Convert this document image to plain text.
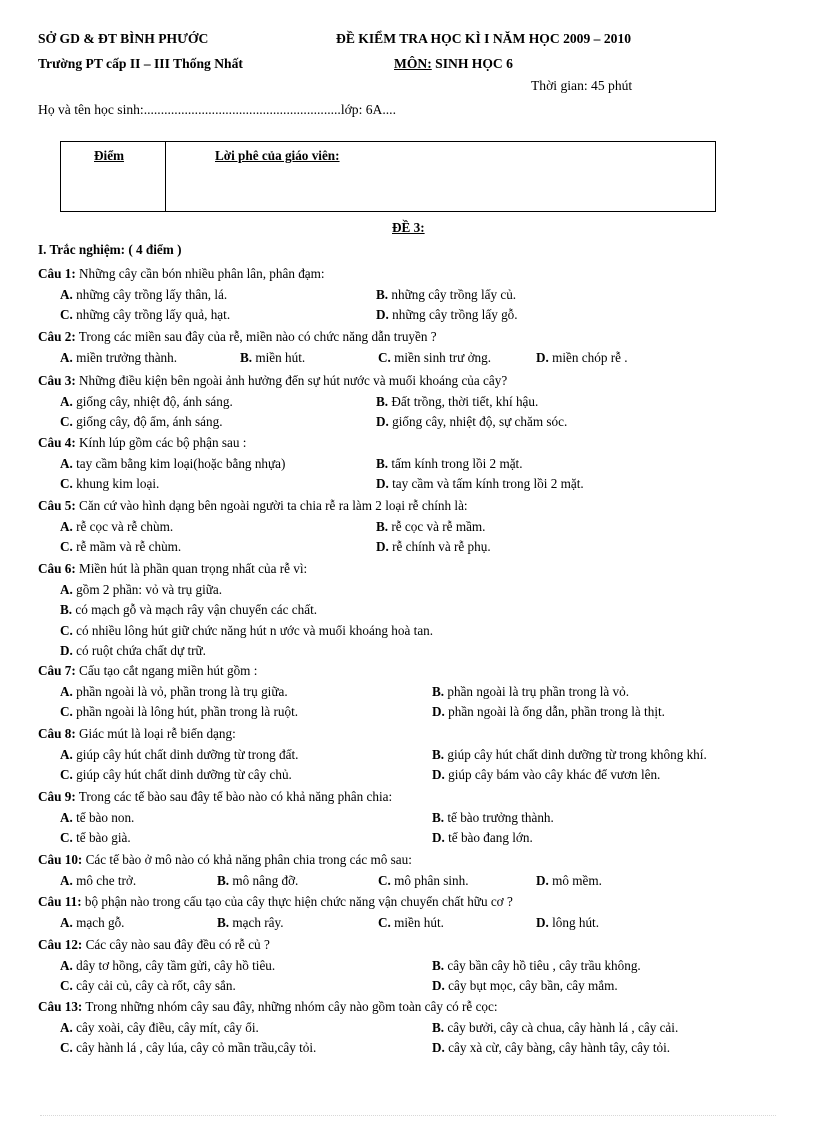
SỞ GD & ĐT BÌNH PHƯỚC	ĐỀ KIỂM TRA HỌC KÌ I NĂM HỌC 2009 – 2010
Trường PT cấp II – III Thống Nhất	MÔN: SINH HỌC 6
Thời gian: 45 phút
Họ và tên học sinh:..........................................................lớp: 6A....
Điểm	Lời phê của giáo viên:
ĐỀ 3:
I. Trắc nghiệm: ( 4 điểm )
Câu 1: Những cây cần bón nhiều phân lân, phân đạm:
A. những cây trồng lấy thân, lá.	B. những cây trồng lấy củ.
C. những cây trồng lấy quả, hạt.	D. những cây trồng lấy gỗ.
Câu 2: Trong các miền sau đây của rễ, miền nào có chức năng dẫn truyền ?
A. miền trưởng thành.	B. miền hút.	C. miền sinh trư ởng.	D. miền chóp rễ .
Câu 3: Những điều kiện bên ngoài ảnh hưởng đến sự hút nước và muối khoáng của cây?
A. giống cây, nhiệt độ, ánh sáng.	B. Đất trồng, thời tiết, khí hậu.
C. giống cây, độ ẩm, ánh sáng.	D. giống cây, nhiệt độ, sự chăm sóc.
Câu 4: Kính lúp gồm các bộ phận sau :
A. tay cầm bằng kim loại(hoặc bằng nhựa)	B. tấm kính trong lồi 2 mặt.
C. khung kim loại.	D. tay cầm và tấm kính trong lồi 2 mặt.
Câu 5: Căn cứ vào hình dạng bên ngoài người ta chia rễ ra làm 2 loại rễ chính là:
A. rễ cọc và rễ chùm.	B. rễ cọc và rễ mầm.
C. rễ mầm và rễ chùm.	D. rễ chính và rễ phụ.
Câu 6: Miền hút là phần quan trọng nhất của rễ vì:
A. gồm 2 phần: vỏ và trụ giữa.
B. có mạch gỗ và mạch rây vận chuyển các chất.
C. có nhiều lông hút giữ chức năng hút n ước và muối khoáng hoà tan.
D. có ruột chứa chất dự trữ.
Câu 7: Cấu tạo cắt ngang miền hút gồm :
A. phần ngoài là vỏ, phần trong là trụ giữa.	B. phần ngoài là trụ phần trong là vỏ.
C. phần ngoài là lông hút, phần trong là ruột.	D. phần ngoài là ống dẫn, phần trong là thịt.
Câu 8: Giác mút là loại rễ biến dạng:
A. giúp cây hút chất dinh dưỡng từ trong đất.	B. giúp cây hút chất dinh dưỡng từ trong không khí.
C. giúp cây hút chất dinh dưỡng từ cây chủ.	D. giúp cây bám vào cây khác để vươn lên.
Câu 9: Trong các tế bào sau đây tế bào nào có khả năng phân chia:
A. tế bào non.	B. tế bào trưởng thành.
C. tế bào già.	D. tế bào đang lớn.
Câu 10: Các tế bào ở mô nào có khả năng phân chia trong các mô sau:
A. mô che trở.	B. mô nâng đỡ.	C. mô phân sinh.	D. mô mềm.
Câu 11: bộ phận nào trong cấu tạo của cây thực hiện chức năng vận chuyển chất hữu cơ ?
A. mạch gỗ.	B. mạch rây.	C. miền hút.	D. lông hút.
Câu 12: Các cây nào sau đây đều có rễ củ ?
A. dây tơ hồng, cây tầm gửi, cây hồ tiêu.	B. cây bần cây hồ tiêu , cây trầu không.
C. cây cải củ, cây cà rốt, cây sắn.	D. cây bụt mọc, cây bần, cây mắm.
Câu 13: Trong những nhóm cây sau đây, những nhóm cây nào gồm toàn cây có rễ cọc:
A. cây xoài, cây điều, cây mít, cây ổi.	B. cây bưởi, cây cà chua, cây hành lá , cây cải.
C. cây hành lá , cây lúa, cây cỏ mần trầu,cây tỏi.	D. cây xà cừ, cây bàng, cây hành tây, cây tỏi.
